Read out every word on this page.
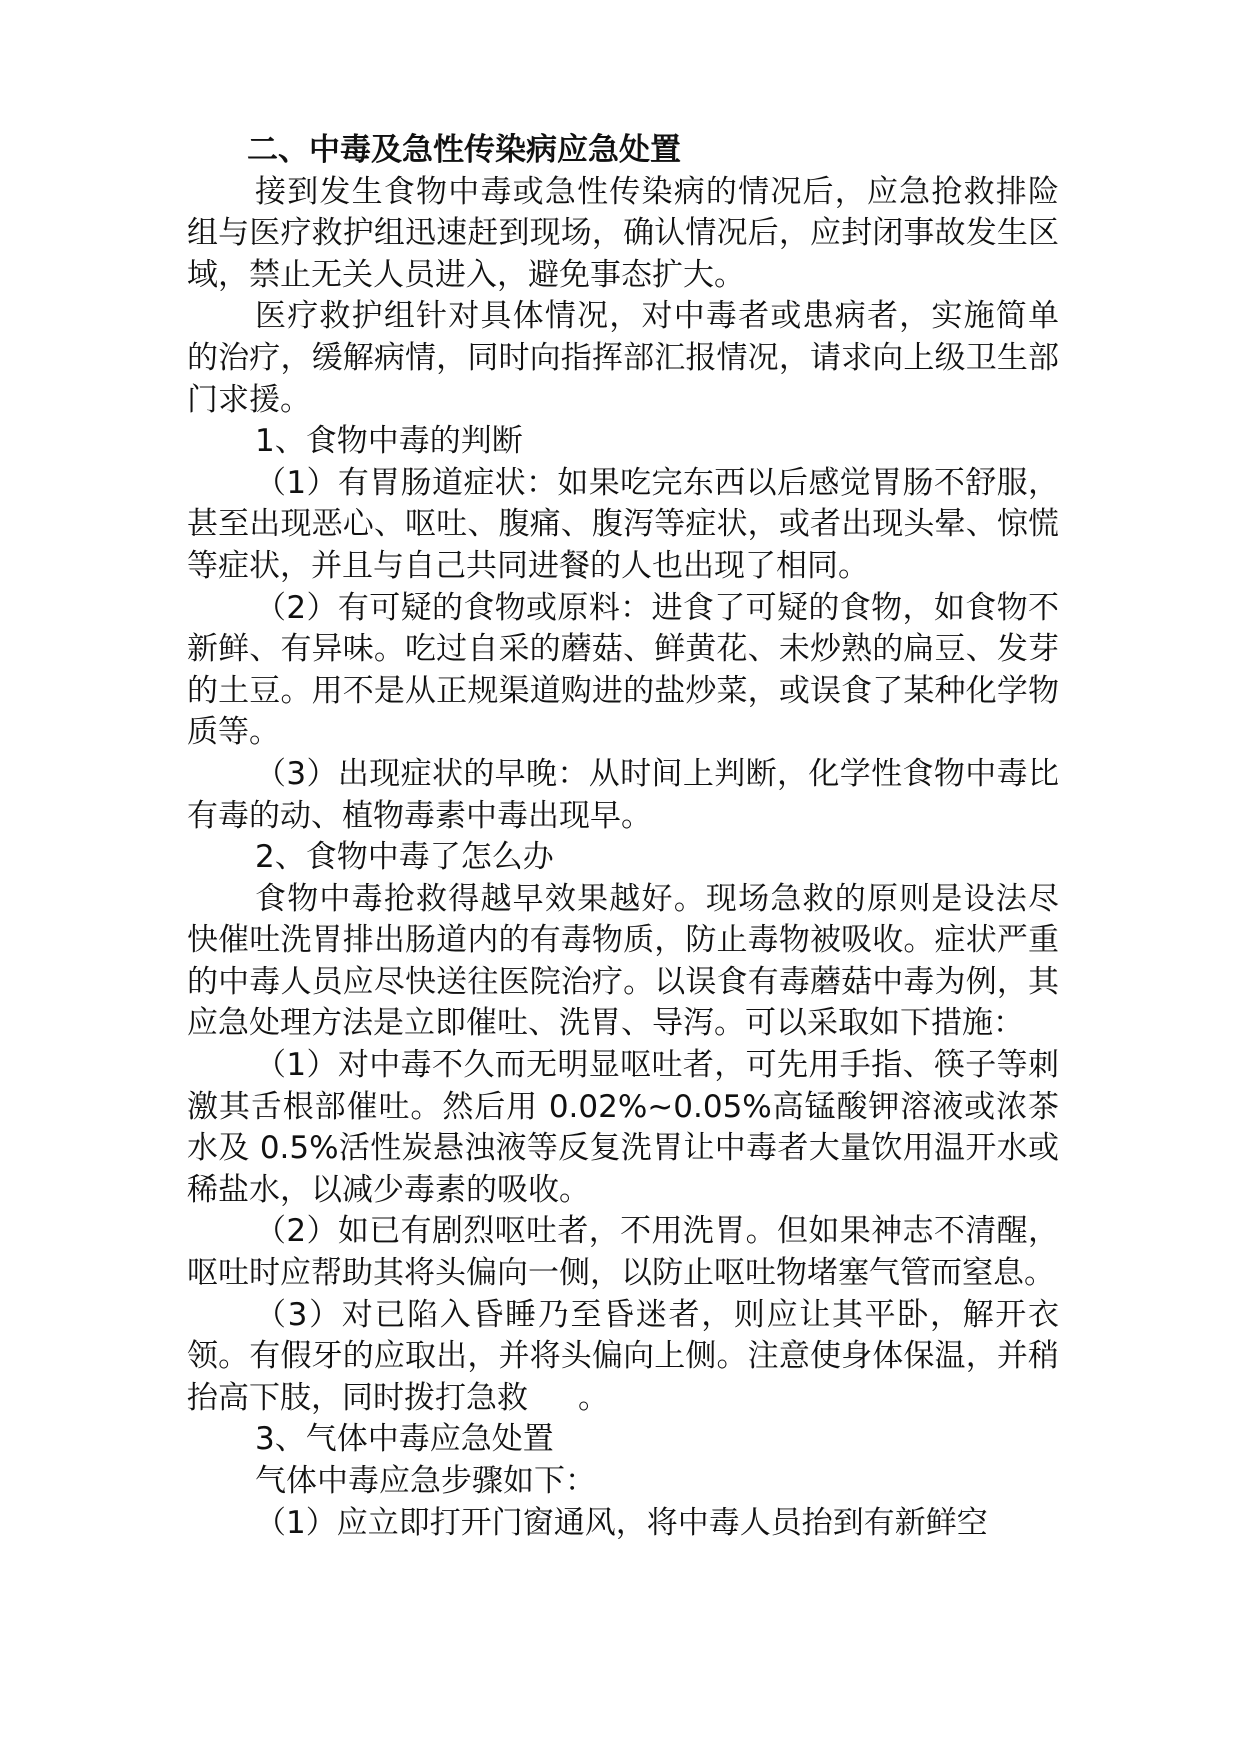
二、中毒及急性传染病应急处置

接到发生食物中毒或急性传染病的情况后，应急抢救排险组与医疗救护组迅速赶到现场，确认情况后，应封闭事故发生区域，禁止无关人员进入，避免事态扩大。

医疗救护组针对具体情况，对中毒者或患病者，实施简单的治疗，缓解病情，同时向指挥部汇报情况，请求向上级卫生部门求援。

1、食物中毒的判断

（1）有胃肠道症状：如果吃完东西以后感觉胃肠不舒服，甚至出现恶心、呕吐、腹痛、腹泻等症状，或者出现头晕、惊慌等症状，并且与自己共同进餐的人也出现了相同。

（2）有可疑的食物或原料：进食了可疑的食物，如食物不新鲜、有异味。吃过自采的蘑菇、鲜黄花、未炒熟的扁豆、发芽的土豆。用不是从正规渠道购进的盐炒菜，或误食了某种化学物质等。

（3）出现症状的早晚：从时间上判断，化学性食物中毒比有毒的动、植物毒素中毒出现早。

2、食物中毒了怎么办

食物中毒抢救得越早效果越好。现场急救的原则是设法尽快催吐洗胃排出肠道内的有毒物质，防止毒物被吸收。症状严重的中毒人员应尽快送往医院治疗。以误食有毒蘑菇中毒为例，其应急处理方法是立即催吐、洗胃、导泻。可以采取如下措施：

（1）对中毒不久而无明显呕吐者，可先用手指、筷子等刺激其舌根部催吐。然后用 0.02%~0.05%高锰酸钾溶液或浓茶水及 0.5%活性炭悬浊液等反复洗胃让中毒者大量饮用温开水或稀盐水，以减少毒素的吸收。

（2）如已有剧烈呕吐者，不用洗胃。但如果神志不清醒，呕吐时应帮助其将头偏向一侧，以防止呕吐物堵塞气管而窒息。

（3）对已陷入昏睡乃至昏迷者，则应让其平卧，解开衣领。有假牙的应取出，并将头偏向上侧。注意使身体保温，并稍抬高下肢，同时拨打急救 。

3、气体中毒应急处置

气体中毒应急步骤如下：

（1）应立即打开门窗通风，将中毒人员抬到有新鲜空
